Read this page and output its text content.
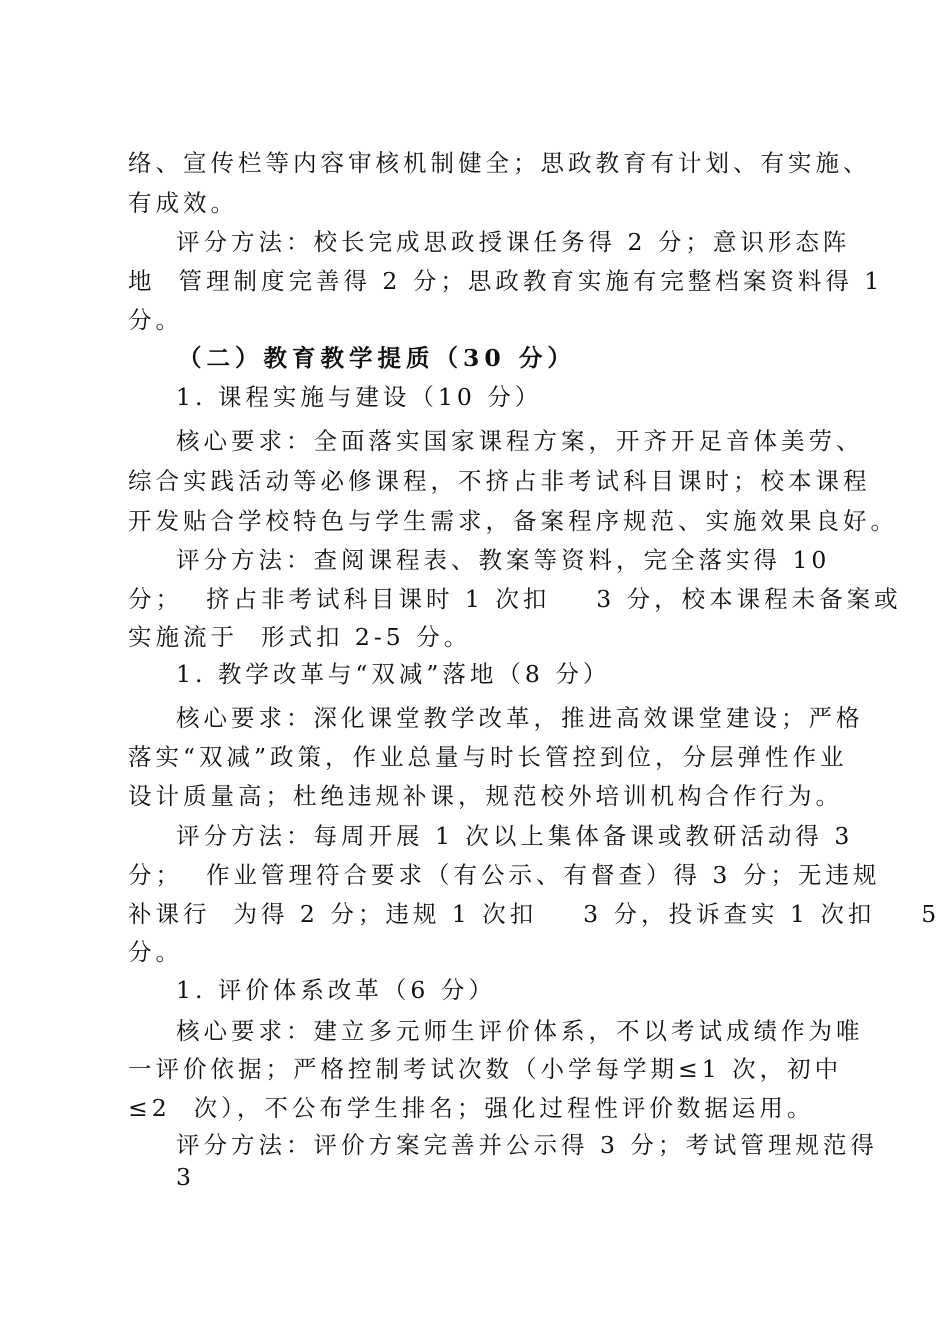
络、宣传栏等内容审核机制健全；思政教育有计划、有实施、
有成效。
评分方法：校长完成思政授课任务得 2 分；意识形态阵
地  管理制度完善得 2 分；思政教育实施有完整档案资料得 1
分。
（二）教育教学提质（30 分）
1. 课程实施与建设（10 分）
核心要求：全面落实国家课程方案，开齐开足音体美劳、
综合实践活动等必修课程，不挤占非考试科目课时；校本课程
开发贴合学校特色与学生需求，备案程序规范、实施效果良好。
评分方法：查阅课程表、教案等资料，完全落实得 10
分；  挤占非考试科目课时 1 次扣    3 分，校本课程未备案或
实施流于  形式扣 2-5 分。
1. 教学改革与“双减”落地（8 分）
核心要求：深化课堂教学改革，推进高效课堂建设；严格
落实“双减”政策，作业总量与时长管控到位，分层弹性作业
设计质量高；杜绝违规补课，规范校外培训机构合作行为。
评分方法：每周开展 1 次以上集体备课或教研活动得 3
分；  作业管理符合要求（有公示、有督查）得 3 分；无违规
补课行  为得 2 分；违规 1 次扣    3 分，投诉查实 1 次扣    5
分。
1. 评价体系改革（6 分）
核心要求：建立多元师生评价体系，不以考试成绩作为唯
一评价依据；严格控制考试次数（小学每学期≤1 次，初中
≤2  次），不公布学生排名；强化过程性评价数据运用。
评分方法：评价方案完善并公示得 3 分；考试管理规范得
3
